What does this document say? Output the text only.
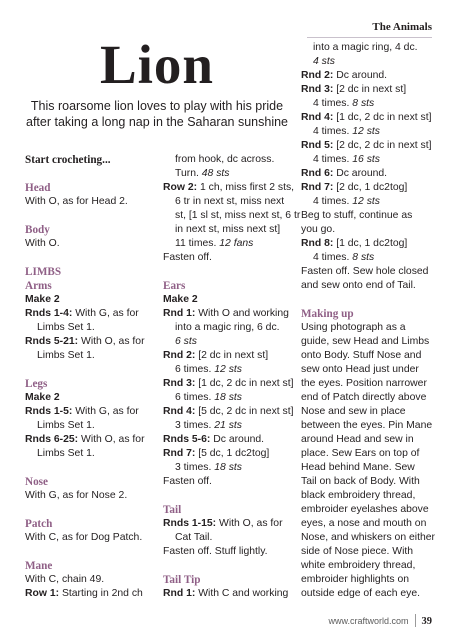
The Animals
Lion
This roarsome lion loves to play with his pride after taking a long nap in the Saharan sunshine

Start crocheting...

Head

With O, as for Head 2.

Body

With O.

LIMBS

Arms

Make 2

Rnds 1-4: With G, as for

Limbs Set 1.

Rnds 5-21: With O, as for

Limbs Set 1.

Legs

Make 2

Rnds 1-5: With G, as for

Limbs Set 1.

Rnds 6-25: With O, as for

Limbs Set 1.

Nose

With G, as for Nose 2.

Patch

With C, as for Dog Patch.

Mane

With C, chain 49.

Row 1: Starting in 2nd ch

from hook, dc across.

Turn. 48 sts

Row 2: 1 ch, miss first 2 sts,

6 tr in next st, miss next

st, [1 sl st, miss next st, 6 tr

in next st, miss next st]

11 times. 12 fans

Fasten off.

Ears

Make 2

Rnd 1: With O and working

into a magic ring, 6 dc.

6 sts

Rnd 2: [2 dc in next st]

6 times. 12 sts

Rnd 3: [1 dc, 2 dc in next st]

6 times. 18 sts

Rnd 4: [5 dc, 2 dc in next st]

3 times. 21 sts

Rnds 5-6: Dc around.

Rnd 7: [5 dc, 1 dc2tog]

3 times. 18 sts

Fasten off.

Tail

Rnds 1-15: With O, as for

Cat Tail.

Fasten off. Stuff lightly.

Tail Tip

Rnd 1: With C and working

into a magic ring, 4 dc.

4 sts

Rnd 2: Dc around.

Rnd 3: [2 dc in next st]

4 times. 8 sts

Rnd 4: [1 dc, 2 dc in next st]

4 times. 12 sts

Rnd 5: [2 dc, 2 dc in next st]

4 times. 16 sts

Rnd 6: Dc around.

Rnd 7: [2 dc, 1 dc2tog]

4 times. 12 sts

Beg to stuff, continue as

you go.

Rnd 8: [1 dc, 1 dc2tog]

4 times. 8 sts

Fasten off. Sew hole closed

and sew onto end of Tail.

Making up

Using photograph as a

guide, sew Head and Limbs

onto Body. Stuff Nose and

sew onto Head just under

the eyes. Position narrower

end of Patch directly above

Nose and sew in place

between the eyes. Pin Mane

around Head and sew in

place. Sew Ears on top of

Head behind Mane. Sew

Tail on back of Body. With

black embroidery thread,

embroider eyelashes above

eyes, a nose and mouth on

Nose, and whiskers on either

side of Nose piece. With

white embroidery thread,

embroider highlights on

outside edge of each eye.

www.craftworld.com 39
